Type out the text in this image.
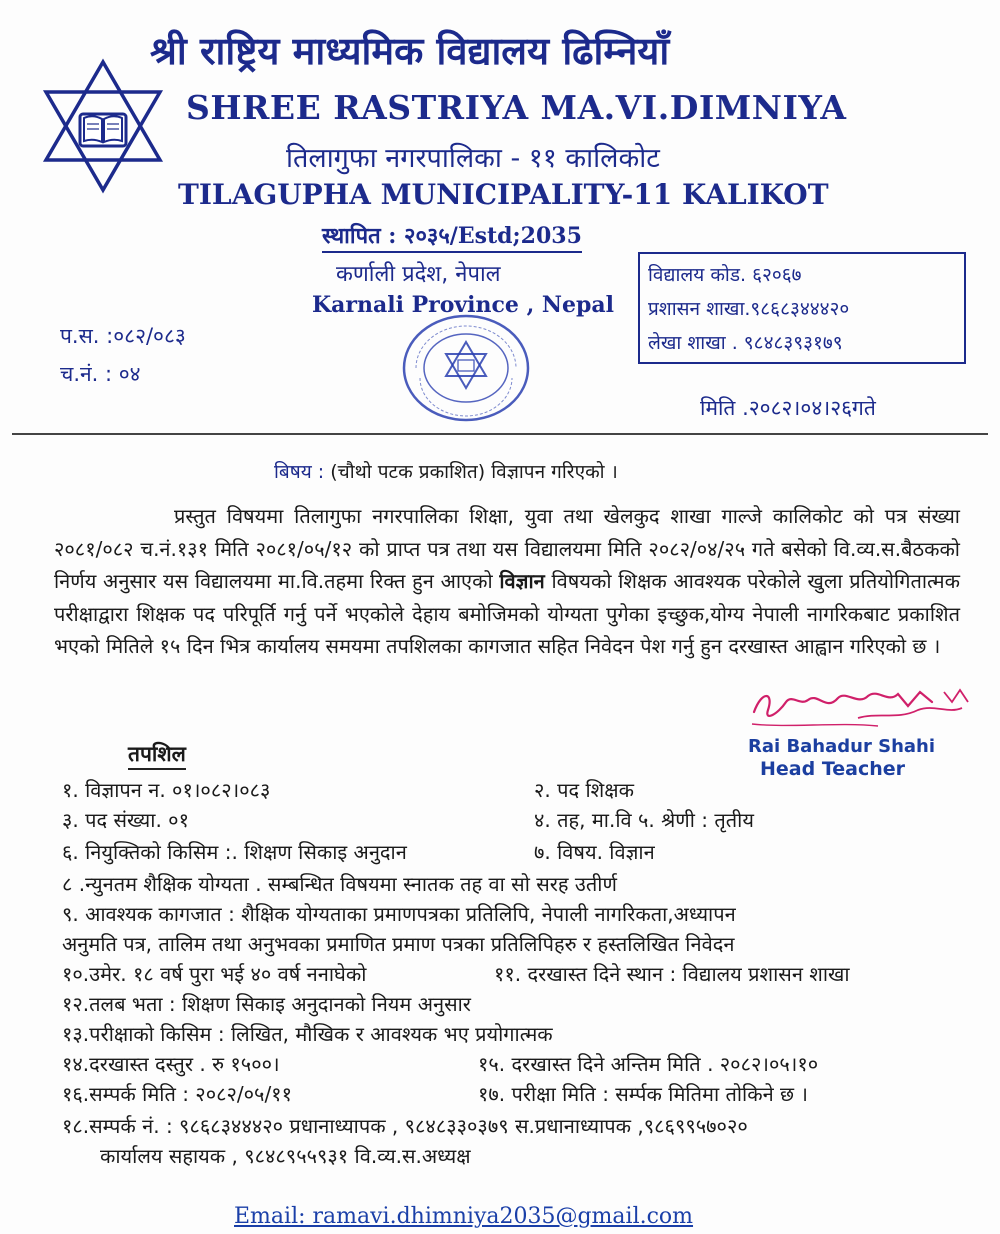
श्री राष्ट्रिय माध्यमिक विद्यालय ढिम्नियाँ
SHREE RASTRIYA MA.VI.DIMNIYA
तिलागुफा नगरपालिका - ११ कालिकोट
TILAGUPHA MUNICIPALITY-11 KALIKOT
स्थापित : २०३५/Estd;2035
कर्णाली प्रदेश, नेपाल
Karnali Province , Nepal
विद्यालय कोड. ६२०६७
प्रशासन शाखा.९८६८३४४४२०
लेखा शाखा . ९८४८३९३१७९
प.स. :०८२/०८३
च.नं. : ०४
मिति .२०८२।०४।२६गते
बिषय : (चौथो पटक प्रकाशित) विज्ञापन गरिएको ।
प्रस्तुत विषयमा तिलागुफा नगरपालिका शिक्षा, युवा तथा खेलकुद शाखा गाल्जे कालिकोट को पत्र संख्या २०८१/०८२ च.नं.१३१ मिति २०८१/०५/१२ को प्राप्त पत्र तथा यस विद्यालयमा मिति २०८२/०४/२५ गते बसेको वि.व्य.स.बैठकको निर्णय अनुसार यस विद्यालयमा मा.वि.तहमा रिक्त हुन आएको विज्ञान विषयको शिक्षक आवश्यक परेकोले खुला प्रतियोगितात्मक परीक्षाद्वारा शिक्षक पद परिपूर्ति गर्नु पर्ने भएकोले देहाय बमोजिमको योग्यता पुगेका इच्छुक,योग्य नेपाली नागरिकबाट प्रकाशित भएको मितिले १५ दिन भित्र कार्यालय समयमा तपशिलका कागजात सहित निवेदन पेश गर्नु हुन दरखास्त आह्वान गरिएको छ ।
Rai Bahadur Shahi
Head Teacher
तपशिल
१. विज्ञापन न. ०१।०८२।०८३	२. पद शिक्षक
३. पद संख्या. ०१	४. तह, मा.वि ५. श्रेणी : तृतीय
६. नियुक्तिको किसिम :. शिक्षण सिकाइ अनुदान	७. विषय. विज्ञान
८ .न्युनतम शैक्षिक योग्यता . सम्बन्धित विषयमा स्नातक तह वा सो सरह उतीर्ण
९. आवश्यक कागजात : शैक्षिक योग्यताका प्रमाणपत्रका प्रतिलिपि, नेपाली नागरिकता,अध्यापन
अनुमति पत्र, तालिम तथा अनुभवका प्रमाणित प्रमाण पत्रका प्रतिलिपिहरु र हस्तलिखित निवेदन
१०.उमेर. १८ वर्ष पुरा भई ४० वर्ष ननाघेको	११. दरखास्त दिने स्थान : विद्यालय प्रशासन शाखा
१२.तलब भता : शिक्षण सिकाइ अनुदानको नियम अनुसार
१३.परीक्षाको किसिम : लिखित, मौखिक र आवश्यक भए प्रयोगात्मक
१४.दरखास्त दस्तुर . रु १५००।	१५. दरखास्त दिने अन्तिम मिति . २०८२।०५।१०
१६.सम्पर्क मिति : २०८२/०५/११	१७. परीक्षा मिति : सर्म्पक मितिमा तोकिने छ ।
१८.सम्पर्क नं. : ९८६८३४४४२० प्रधानाध्यापक , ९८४८३३०३७९ स.प्रधानाध्यापक ,९८६९९५७०२०
कार्यालय सहायक , ९८४८९५५९३१ वि.व्य.स.अध्यक्ष
Email: ramavi.dhimniya2035@gmail.com
